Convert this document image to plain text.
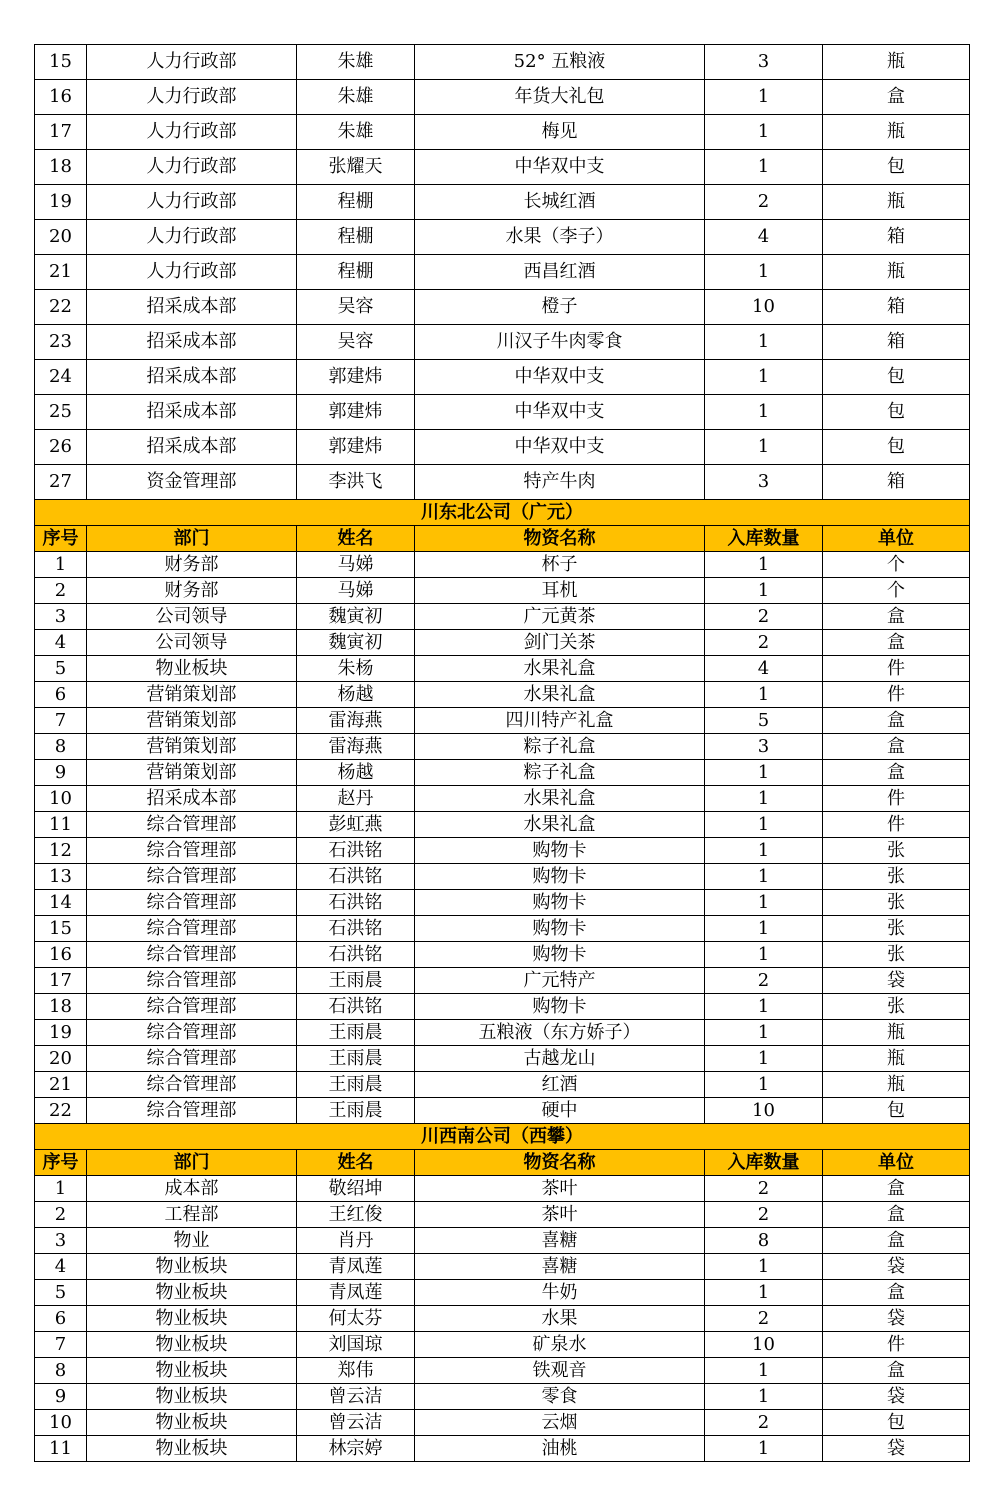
15	人力行政部	朱雄	52° 五粮液	3	瓶
16	人力行政部	朱雄	年货大礼包	1	盒
17	人力行政部	朱雄	梅见	1	瓶
18	人力行政部	张耀天	中华双中支	1	包
19	人力行政部	程棚	长城红酒	2	瓶
20	人力行政部	程棚	水果（李子）	4	箱
21	人力行政部	程棚	西昌红酒	1	瓶
22	招采成本部	吴容	橙子	10	箱
23	招采成本部	吴容	川汉子牛肉零食	1	箱
24	招采成本部	郭建炜	中华双中支	1	包
25	招采成本部	郭建炜	中华双中支	1	包
26	招采成本部	郭建炜	中华双中支	1	包
27	资金管理部	李洪飞	特产牛肉	3	箱
川东北公司（广元）					
序号	部门	姓名	物资名称	入库数量	单位
1	财务部	马娣	杯子	1	个
2	财务部	马娣	耳机	1	个
3	公司领导	魏寅初	广元黄茶	2	盒
4	公司领导	魏寅初	剑门关茶	2	盒
5	物业板块	朱杨	水果礼盒	4	件
6	营销策划部	杨越	水果礼盒	1	件
7	营销策划部	雷海燕	四川特产礼盒	5	盒
8	营销策划部	雷海燕	粽子礼盒	3	盒
9	营销策划部	杨越	粽子礼盒	1	盒
10	招采成本部	赵丹	水果礼盒	1	件
11	综合管理部	彭虹燕	水果礼盒	1	件
12	综合管理部	石洪铭	购物卡	1	张
13	综合管理部	石洪铭	购物卡	1	张
14	综合管理部	石洪铭	购物卡	1	张
15	综合管理部	石洪铭	购物卡	1	张
16	综合管理部	石洪铭	购物卡	1	张
17	综合管理部	王雨晨	广元特产	2	袋
18	综合管理部	石洪铭	购物卡	1	张
19	综合管理部	王雨晨	五粮液（东方娇子）	1	瓶
20	综合管理部	王雨晨	古越龙山	1	瓶
21	综合管理部	王雨晨	红酒	1	瓶
22	综合管理部	王雨晨	硬中	10	包
川西南公司（西攀）					
序号	部门	姓名	物资名称	入库数量	单位
1	成本部	敬绍坤	茶叶	2	盒
2	工程部	王红俊	茶叶	2	盒
3	物业	肖丹	喜糖	8	盒
4	物业板块	青凤莲	喜糖	1	袋
5	物业板块	青凤莲	牛奶	1	盒
6	物业板块	何太芬	水果	2	袋
7	物业板块	刘国琼	矿泉水	10	件
8	物业板块	郑伟	铁观音	1	盒
9	物业板块	曾云洁	零食	1	袋
10	物业板块	曾云洁	云烟	2	包
11	物业板块	林宗婷	油桃	1	袋
